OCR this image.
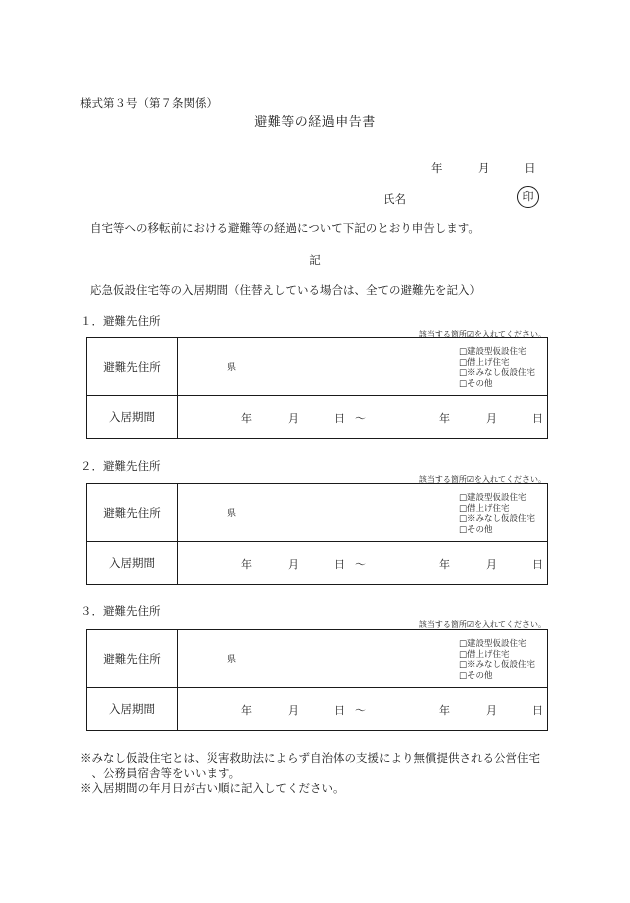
様式第３号（第７条関係）
避難等の経過申告書
年	月	日
氏名	印
自宅等への移転前における避難等の経過について下記のとおり申告します。
記
応急仮設住宅等の入居期間（住替えしている場合は、全ての避難先を記入）
１．避難先住所
該当する箇所☑を入れてください。
避難先住所	県
□建設型仮設住宅
□借上げ住宅
□※みなし仮設住宅
□その他
入居期間	年	月	日 ～	年	月	日
２．避難先住所
該当する箇所☑を入れてください。
避難先住所	県
□建設型仮設住宅
□借上げ住宅
□※みなし仮設住宅
□その他
入居期間	年	月	日 ～	年	月	日
３．避難先住所
該当する箇所☑を入れてください。
避難先住所	県
□建設型仮設住宅
□借上げ住宅
□※みなし仮設住宅
□その他
入居期間	年	月	日 ～	年	月	日
※みなし仮設住宅とは、災害救助法によらず自治体の支援により無償提供される公営住宅
　、公務員宿舎等をいいます。
※入居期間の年月日が古い順に記入してください。
